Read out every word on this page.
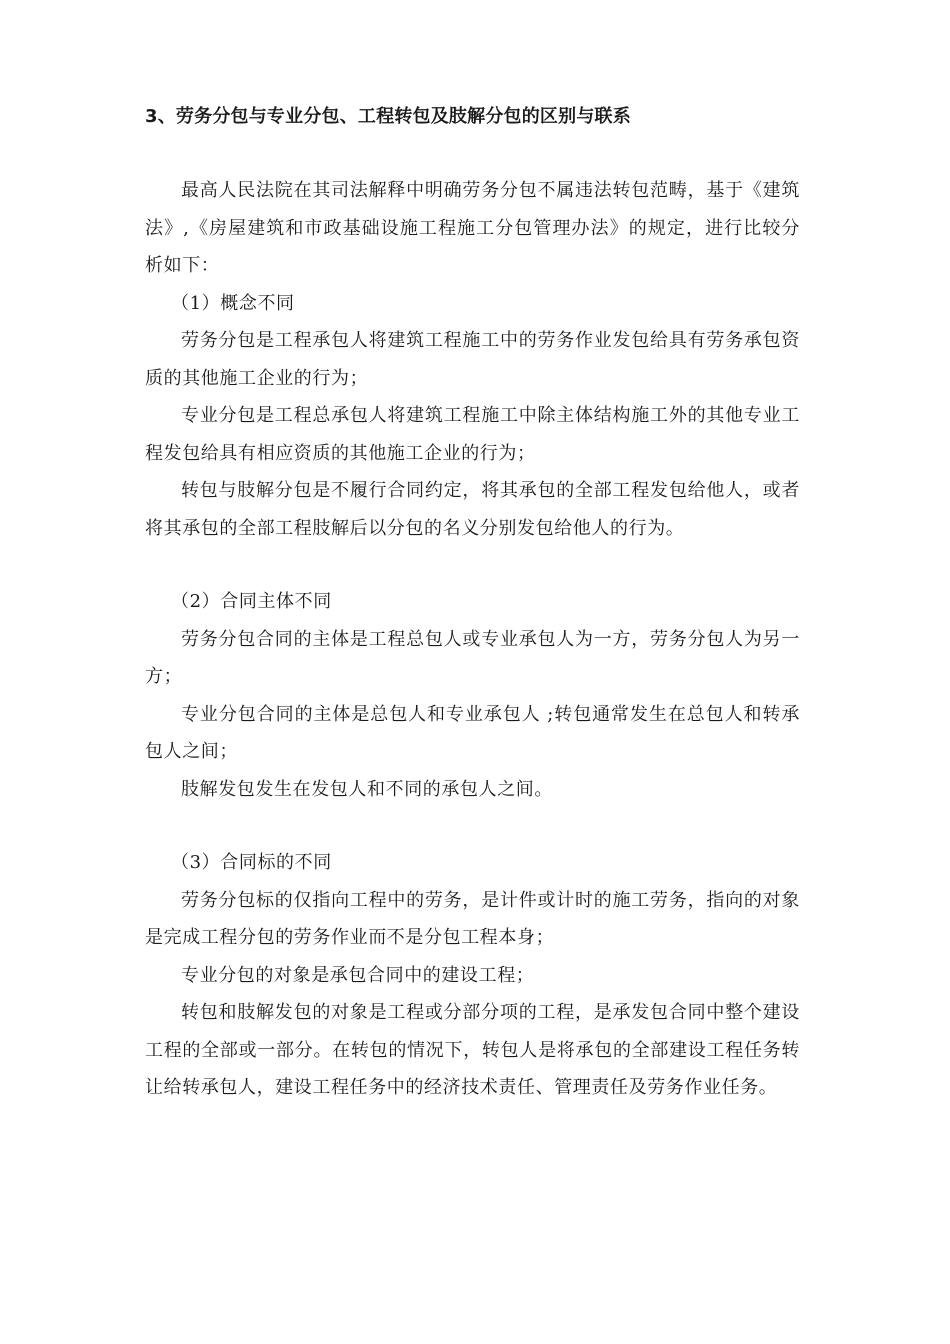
3、劳务分包与专业分包、工程转包及肢解分包的区别与联系

最高人民法院在其司法解释中明确劳务分包不属违法转包范畴，基于《建筑法》,《房屋建筑和市政基础设施工程施工分包管理办法》的规定，进行比较分析如下：

（1）概念不同

劳务分包是工程承包人将建筑工程施工中的劳务作业发包给具有劳务承包资质的其他施工企业的行为；

专业分包是工程总承包人将建筑工程施工中除主体结构施工外的其他专业工程发包给具有相应资质的其他施工企业的行为；

转包与肢解分包是不履行合同约定，将其承包的全部工程发包给他人，或者将其承包的全部工程肢解后以分包的名义分别发包给他人的行为。

（2）合同主体不同

劳务分包合同的主体是工程总包人或专业承包人为一方，劳务分包人为另一方；

专业分包合同的主体是总包人和专业承包人 ;转包通常发生在总包人和转承包人之间；

肢解发包发生在发包人和不同的承包人之间。

（3）合同标的不同

劳务分包标的仅指向工程中的劳务，是计件或计时的施工劳务，指向的对象是完成工程分包的劳务作业而不是分包工程本身；

专业分包的对象是承包合同中的建设工程；

转包和肢解发包的对象是工程或分部分项的工程，是承发包合同中整个建设工程的全部或一部分。在转包的情况下，转包人是将承包的全部建设工程任务转让给转承包人，建设工程任务中的经济技术责任、管理责任及劳务作业任务。
